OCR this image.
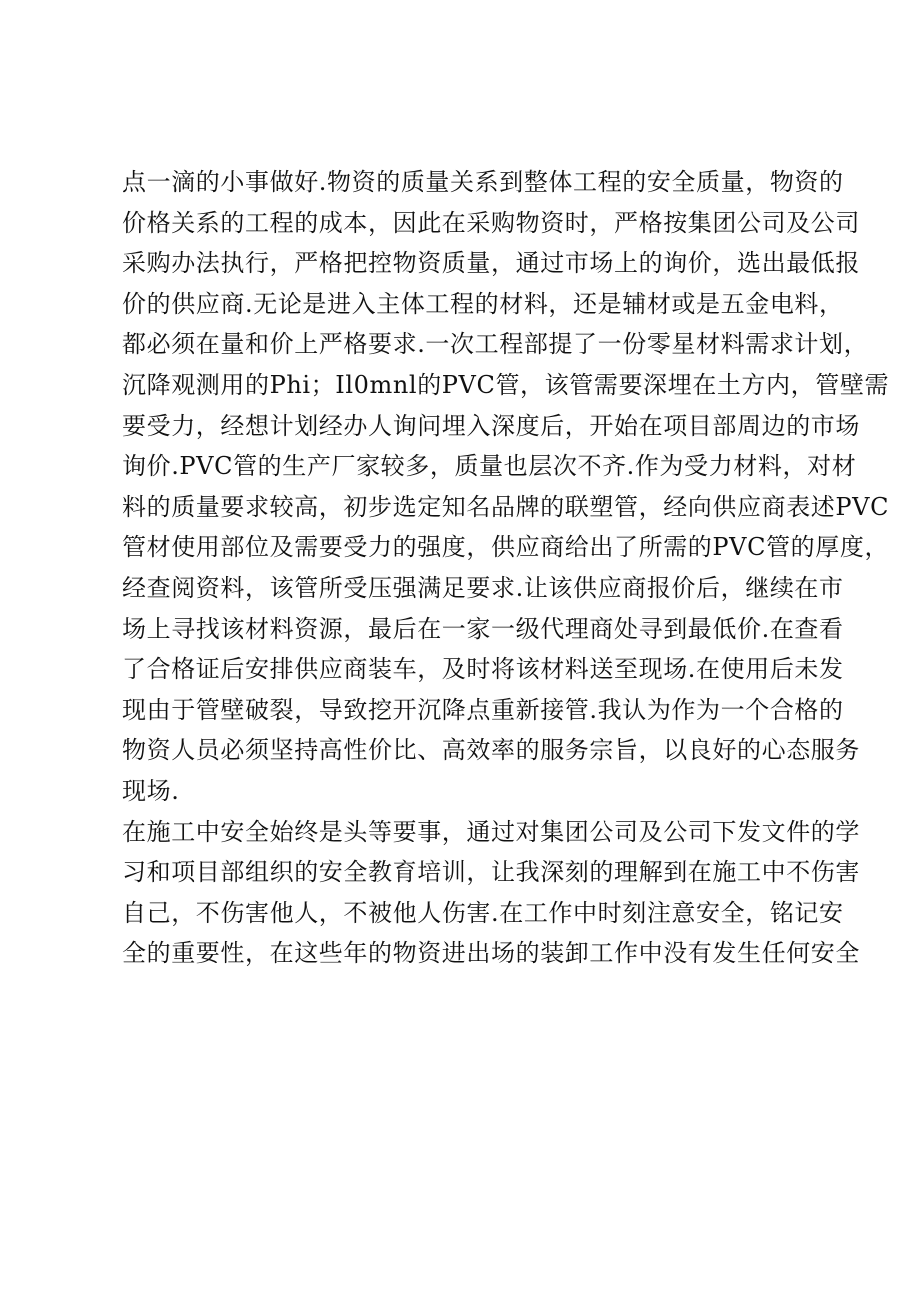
点一滴的小事做好.物资的质量关系到整体工程的安全质量，物资的
价格关系的工程的成本，因此在采购物资时，严格按集团公司及公司
采购办法执行，严格把控物资质量，通过市场上的询价，选出最低报
价的供应商.无论是进入主体工程的材料，还是辅材或是五金电料，
都必须在量和价上严格要求.一次工程部提了一份零星材料需求计划，
沉降观测用的Phi；Il0mnl的PVC管，该管需要深埋在土方内，管壁需
要受力，经想计划经办人询问埋入深度后，开始在项目部周边的市场
询价.PVC管的生产厂家较多，质量也层次不齐.作为受力材料，对材
料的质量要求较高，初步选定知名品牌的联塑管，经向供应商表述PVC
管材使用部位及需要受力的强度，供应商给出了所需的PVC管的厚度，
经查阅资料，该管所受压强满足要求.让该供应商报价后，继续在市
场上寻找该材料资源，最后在一家一级代理商处寻到最低价.在查看
了合格证后安排供应商装车，及时将该材料送至现场.在使用后未发
现由于管壁破裂，导致挖开沉降点重新接管.我认为作为一个合格的
物资人员必须坚持高性价比、高效率的服务宗旨，以良好的心态服务
现场.
在施工中安全始终是头等要事，通过对集团公司及公司下发文件的学
习和项目部组织的安全教育培训，让我深刻的理解到在施工中不伤害
自己，不伤害他人，不被他人伤害.在工作中时刻注意安全，铭记安
全的重要性，在这些年的物资进出场的装卸工作中没有发生任何安全
